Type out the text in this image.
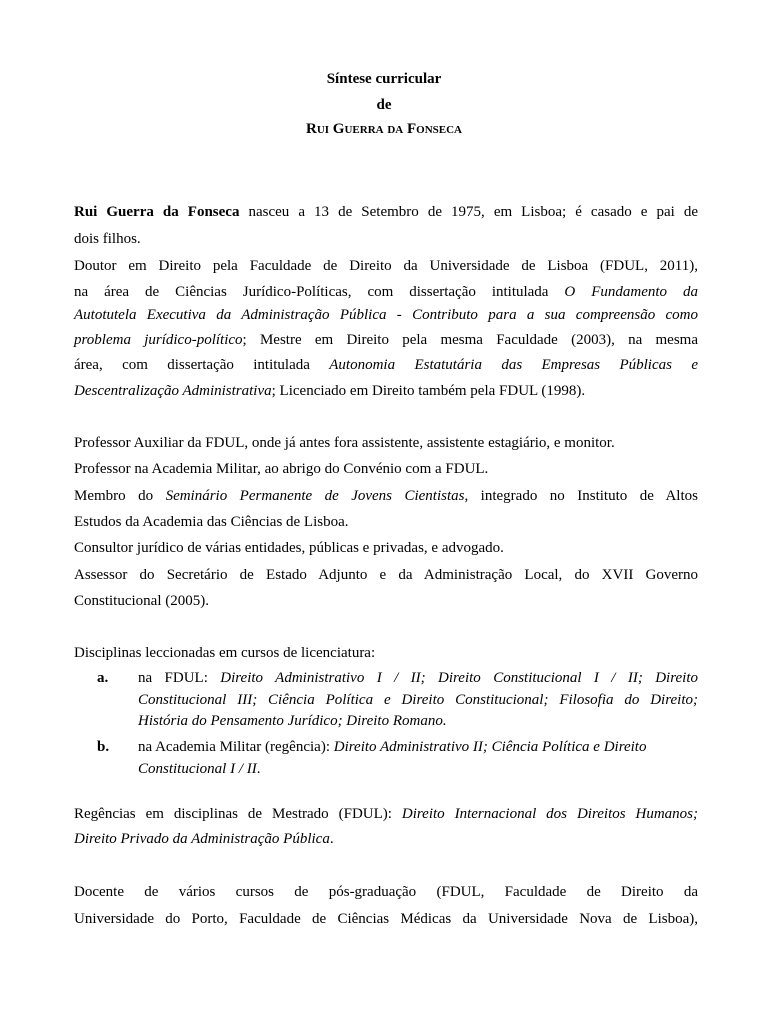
Síntese curricular
de
Rui Guerra da Fonseca
Rui Guerra da Fonseca nasceu a 13 de Setembro de 1975, em Lisboa; é casado e pai de
dois filhos.
Doutor em Direito pela Faculdade de Direito da Universidade de Lisboa (FDUL, 2011),
na área de Ciências Jurídico-Políticas, com dissertação intitulada O Fundamento da
Autotutela Executiva da Administração Pública - Contributo para a sua compreensão como
problema jurídico-político; Mestre em Direito pela mesma Faculdade (2003), na mesma
área, com dissertação intitulada Autonomia Estatutária das Empresas Públicas e
Descentralização Administrativa; Licenciado em Direito também pela FDUL (1998).
Professor Auxiliar da FDUL, onde já antes fora assistente, assistente estagiário, e monitor.
Professor na Academia Militar, ao abrigo do Convénio com a FDUL.
Membro do Seminário Permanente de Jovens Cientistas, integrado no Instituto de Altos
Estudos da Academia das Ciências de Lisboa.
Consultor jurídico de várias entidades, públicas e privadas, e advogado.
Assessor do Secretário de Estado Adjunto e da Administração Local, do XVII Governo
Constitucional (2005).
Disciplinas leccionadas em cursos de licenciatura:
a. na FDUL: Direito Administrativo I / II; Direito Constitucional I / II; Direito
Constitucional III; Ciência Política e Direito Constitucional; Filosofia do Direito;
História do Pensamento Jurídico; Direito Romano.
b. na Academia Militar (regência): Direito Administrativo II; Ciência Política e Direito
Constitucional I / II.
Regências em disciplinas de Mestrado (FDUL): Direito Internacional dos Direitos Humanos;
Direito Privado da Administração Pública.
Docente de vários cursos de pós-graduação (FDUL, Faculdade de Direito da
Universidade do Porto, Faculdade de Ciências Médicas da Universidade Nova de Lisboa),
